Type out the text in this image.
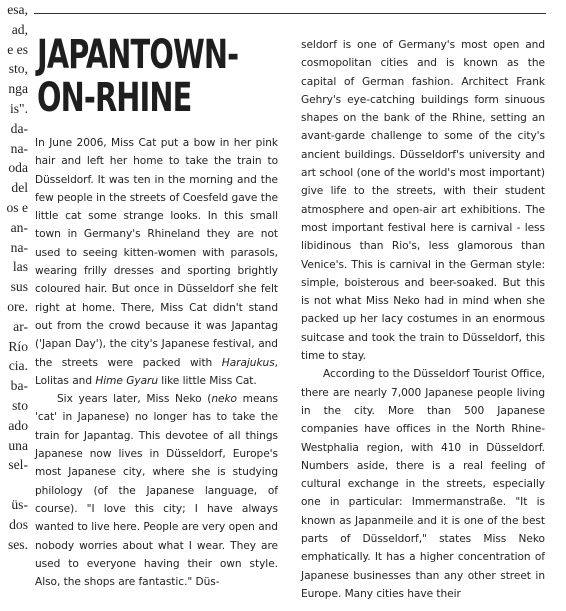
esa,
ad,
e es
sto,
nga
is".
da-
na-
oda
del
os e
an-
na-
las
sus
ore.
ar-
Río
cia.
ba-
sto
ado
una
sel-
üs-
dos
ses.
JAPANTOWN-
ON-RHINE

In June 2006, Miss Cat put a bow in her pink hair and left her home to take the train to Düsseldorf. It was ten in the morning and the few people in the streets of Coesfeld gave the little cat some strange looks. In this small town in Germany's Rhineland they are not used to seeing kitten-women with parasols, wearing frilly dresses and sporting brightly coloured hair. But once in Düsseldorf she felt right at home. There, Miss Cat didn't stand out from the crowd because it was Japantag ('Japan Day'), the city's Japanese festival, and the streets were packed with Harajukus, Lolitas and Hime Gyaru like little Miss Cat.

Six years later, Miss Neko (neko means 'cat' in Japanese) no longer has to take the train for Japantag. This devotee of all things Japanese now lives in Düsseldorf, Europe's most Japanese city, where she is studying philology (of the Japanese language, of course). "I love this city; I have always wanted to live here. People are very open and nobody worries about what I wear. They are used to everyone having their own style. Also, the shops are fantastic." Düs-

seldorf is one of Germany's most open and cosmopolitan cities and is known as the capital of German fashion. Architect Frank Gehry's eye-catching buildings form sinuous shapes on the bank of the Rhine, setting an avant-garde challenge to some of the city's ancient buildings. Düsseldorf's university and art school (one of the world's most important) give life to the streets, with their student atmosphere and open-air art exhibitions. The most important festival here is carnival - less libidinous than Rio's, less glamorous than Venice's. This is carnival in the German style: simple, boisterous and beer-soaked. But this is not what Miss Neko had in mind when she packed up her lacy costumes in an enormous suitcase and took the train to Düsseldorf, this time to stay.

According to the Düsseldorf Tourist Office, there are nearly 7,000 Japanese people living in the city. More than 500 Japanese companies have offices in the North Rhine-Westphalia region, with 410 in Düsseldorf. Numbers aside, there is a real feeling of cultural exchange in the streets, especially one in particular: Immermanstraße. "It is known as Japanmeile and it is one of the best parts of Düsseldorf," states Miss Neko emphatically. It has a higher concentration of Japanese businesses than any other street in Europe. Many cities have their
